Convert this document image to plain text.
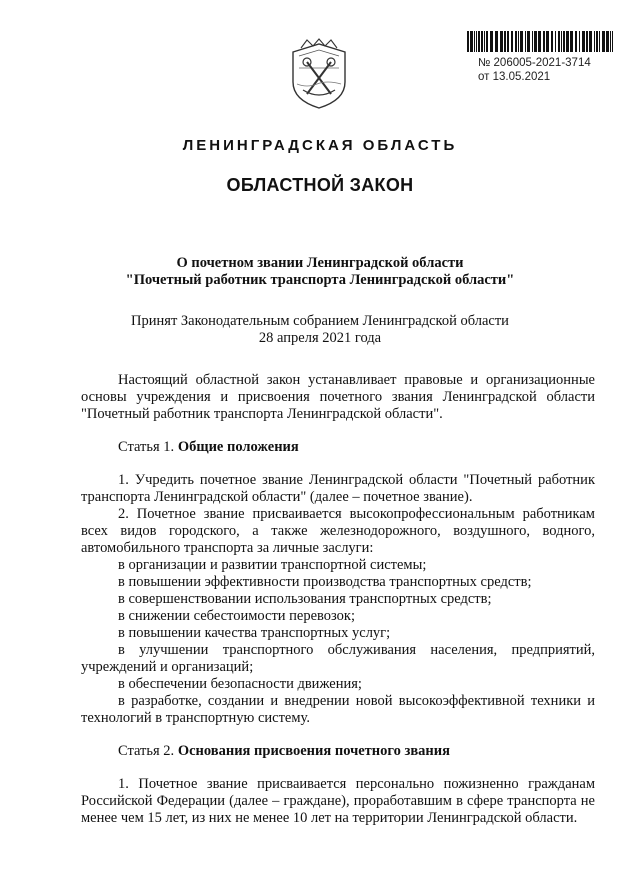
№ 206005-2021-3714
от 13.05.2021
ЛЕНИНГРАДСКАЯ ОБЛАСТЬ
ОБЛАСТНОЙ ЗАКОН
О почетном звании Ленинградской области
"Почетный работник транспорта Ленинградской области"
Принят Законодательным собранием Ленинградской области
28 апреля 2021 года

Настоящий областной закон устанавливает правовые и организационные основы учреждения и присвоения почетного звания Ленинградской области "Почетный работник транспорта Ленинградской области".

Статья 1. Общие положения

1. Учредить почетное звание Ленинградской области "Почетный работник транспорта Ленинградской области" (далее – почетное звание).

2. Почетное звание присваивается высокопрофессиональным работникам всех видов городского, а также железнодорожного, воздушного, водного, автомобильного транспорта за личные заслуги:

в организации и развитии транспортной системы;

в повышении эффективности производства транспортных средств;

в совершенствовании использования транспортных средств;

в снижении себестоимости перевозок;

в повышении качества транспортных услуг;

в улучшении транспортного обслуживания населения, предприятий, учреждений и организаций;

в обеспечении безопасности движения;

в разработке, создании и внедрении новой высокоэффективной техники и технологий в транспортную систему.

Статья 2. Основания присвоения почетного звания

1. Почетное звание присваивается персонально пожизненно гражданам Российской Федерации (далее – граждане), проработавшим в сфере транспорта не менее чем 15 лет, из них не менее 10 лет на территории Ленинградской области.
